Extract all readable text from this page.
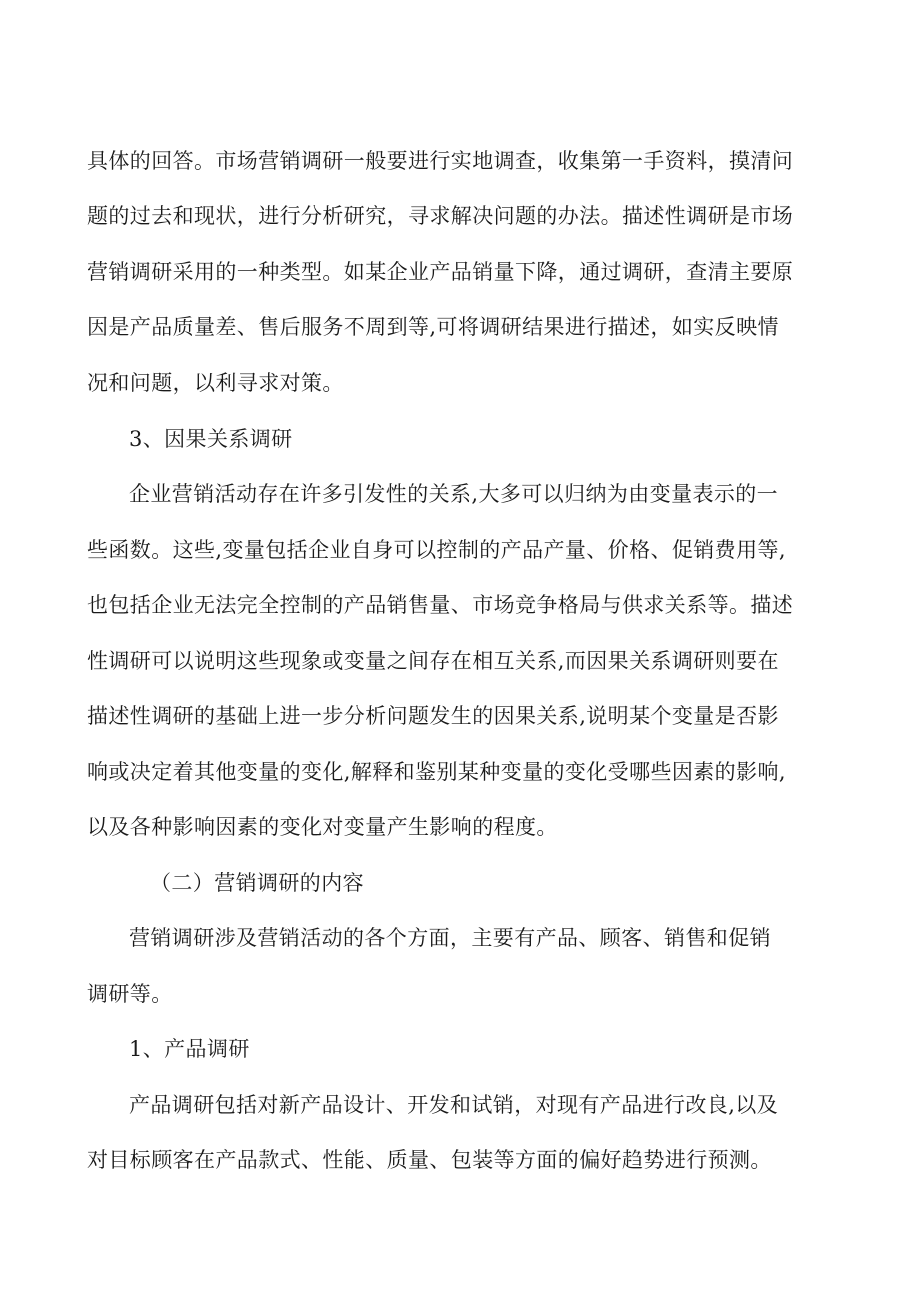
具体的回答。市场营销调研一般要进行实地调查，收集第一手资料，摸清问
题的过去和现状，进行分析研究，寻求解决问题的办法。描述性调研是市场
营销调研采用的一种类型。如某企业产品销量下降，通过调研，查清主要原
因是产品质量差、售后服务不周到等,可将调研结果进行描述，如实反映情
况和问题，以利寻求对策。
3、因果关系调研
企业营销活动存在许多引发性的关系,大多可以归纳为由变量表示的一
些函数。这些,变量包括企业自身可以控制的产品产量、价格、促销费用等,
也包括企业无法完全控制的产品销售量、市场竞争格局与供求关系等。描述
性调研可以说明这些现象或变量之间存在相互关系,而因果关系调研则要在
描述性调研的基础上进一步分析问题发生的因果关系,说明某个变量是否影
响或决定着其他变量的变化,解释和鉴别某种变量的变化受哪些因素的影响,
以及各种影响因素的变化对变量产生影响的程度。
（二）营销调研的内容
营销调研涉及营销活动的各个方面，主要有产品、顾客、销售和促销
调研等。
1、产品调研
产品调研包括对新产品设计、开发和试销，对现有产品进行改良,以及
对目标顾客在产品款式、性能、质量、包装等方面的偏好趋势进行预测。
